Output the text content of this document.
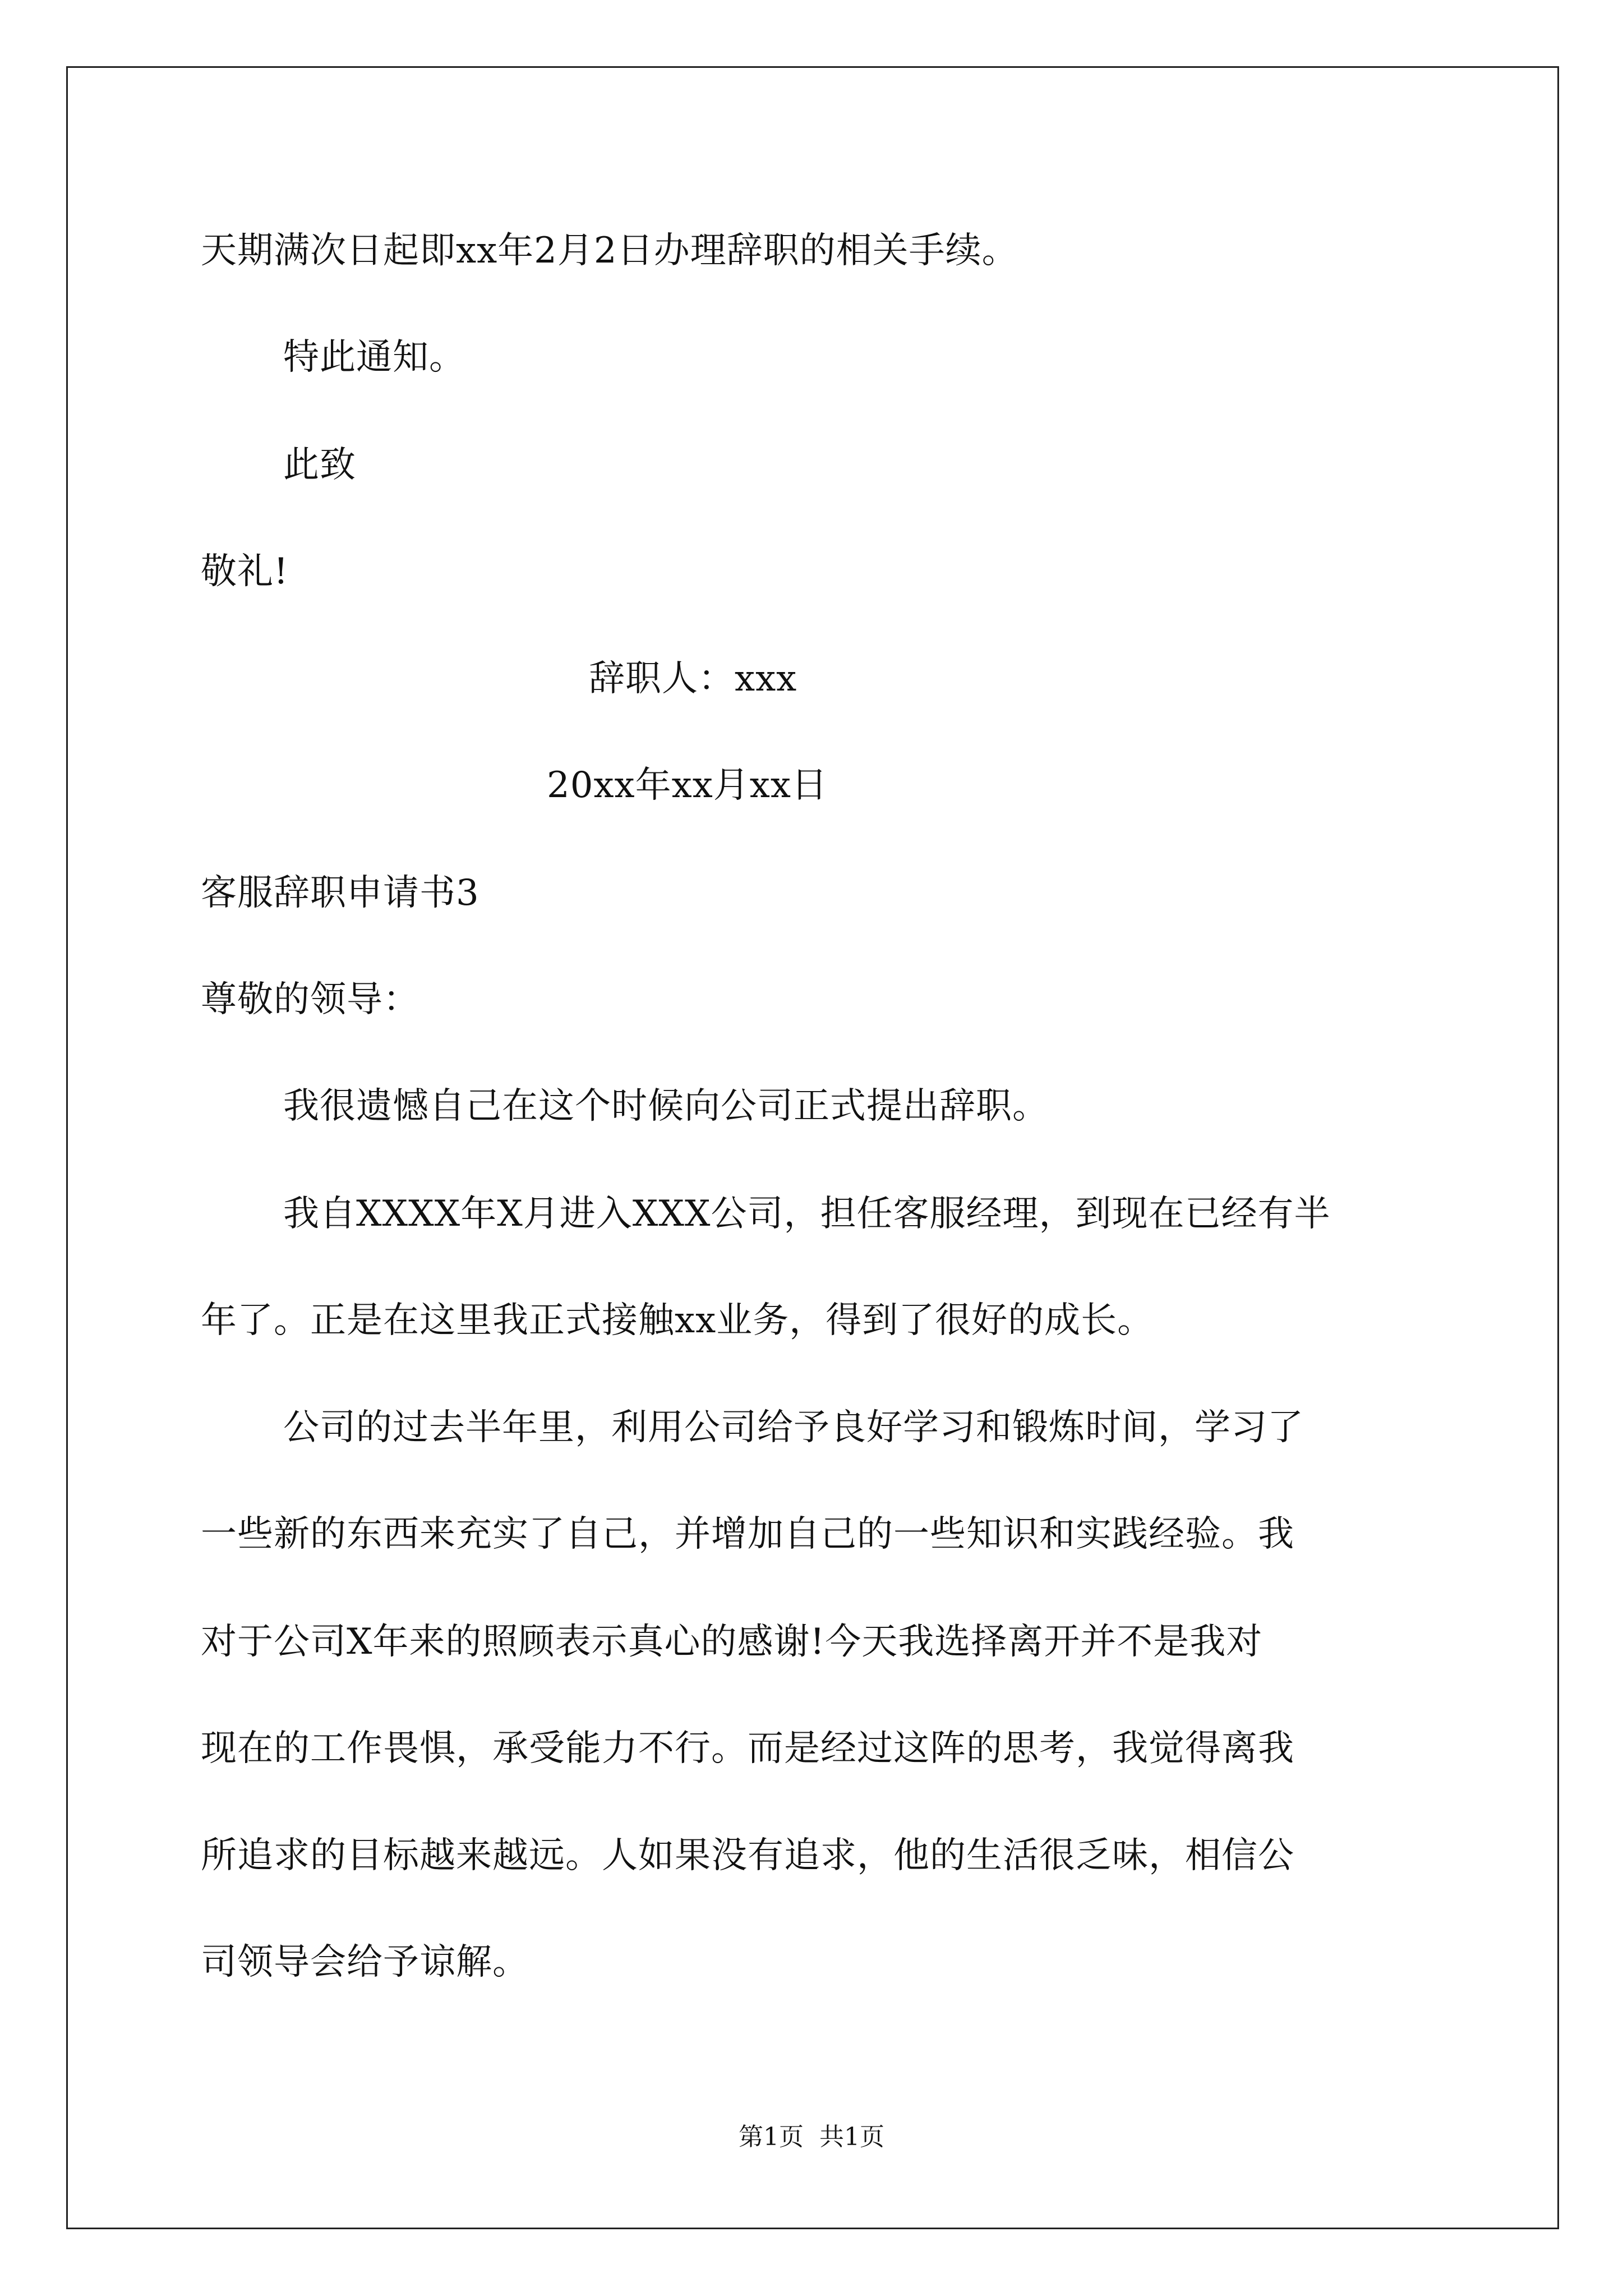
天期满次日起即xx年2月2日办理辞职的相关手续。
特此通知。
此致
敬礼!
辞职人：xxx
20xx年xx月xx日
客服辞职申请书3
尊敬的领导：
我很遗憾自己在这个时候向公司正式提出辞职。
我自XXXX年X月进入XXX公司，担任客服经理，到现在已经有半
年了。正是在这里我正式接触xx业务，得到了很好的成长。
公司的过去半年里，利用公司给予良好学习和锻炼时间，学习了
一些新的东西来充实了自己，并增加自己的一些知识和实践经验。我
对于公司X年来的照顾表示真心的感谢!今天我选择离开并不是我对
现在的工作畏惧，承受能力不行。而是经过这阵的思考，我觉得离我
所追求的目标越来越远。人如果没有追求，他的生活很乏味，相信公
司领导会给予谅解。
第1页 共1页
